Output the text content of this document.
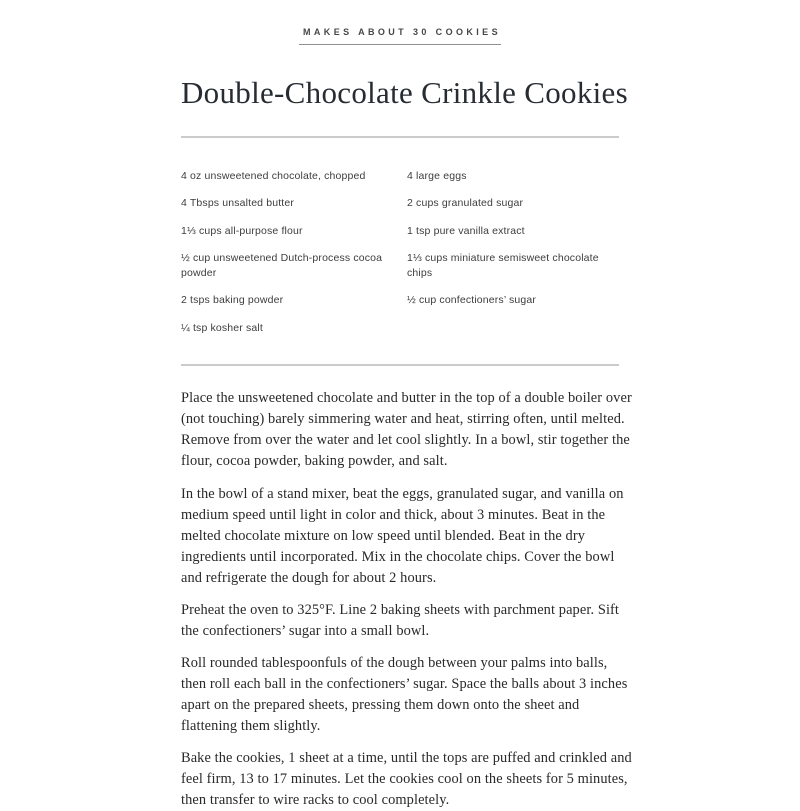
MAKES ABOUT 30 COOKIES
Double-Chocolate Crinkle Cookies
4 oz unsweetened chocolate, chopped
4 Tbsps unsalted butter
1⅓ cups all-purpose flour
½ cup unsweetened Dutch-process cocoa powder
2 tsps baking powder
¼ tsp kosher salt
4 large eggs
2 cups granulated sugar
1 tsp pure vanilla extract
1⅓ cups miniature semisweet chocolate chips
½ cup confectioners’ sugar

Place the unsweetened chocolate and butter in the top of a double boiler over (not touching) barely simmering water and heat, stirring often, until melted. Remove from over the water and let cool slightly. In a bowl, stir together the flour, cocoa powder, baking powder, and salt.

In the bowl of a stand mixer, beat the eggs, granulated sugar, and vanilla on medium speed until light in color and thick, about 3 minutes. Beat in the melted chocolate mixture on low speed until blended. Beat in the dry ingredients until incorporated. Mix in the chocolate chips. Cover the bowl and refrigerate the dough for about 2 hours.

Preheat the oven to 325°F. Line 2 baking sheets with parchment paper. Sift the confectioners’ sugar into a small bowl.

Roll rounded tablespoonfuls of the dough between your palms into balls, then roll each ball in the confectioners’ sugar. Space the balls about 3 inches apart on the prepared sheets, pressing them down onto the sheet and flattening them slightly.

Bake the cookies, 1 sheet at a time, until the tops are puffed and crinkled and feel firm, 13 to 17 minutes. Let the cookies cool on the sheets for 5 minutes, then transfer to wire racks to cool completely.
